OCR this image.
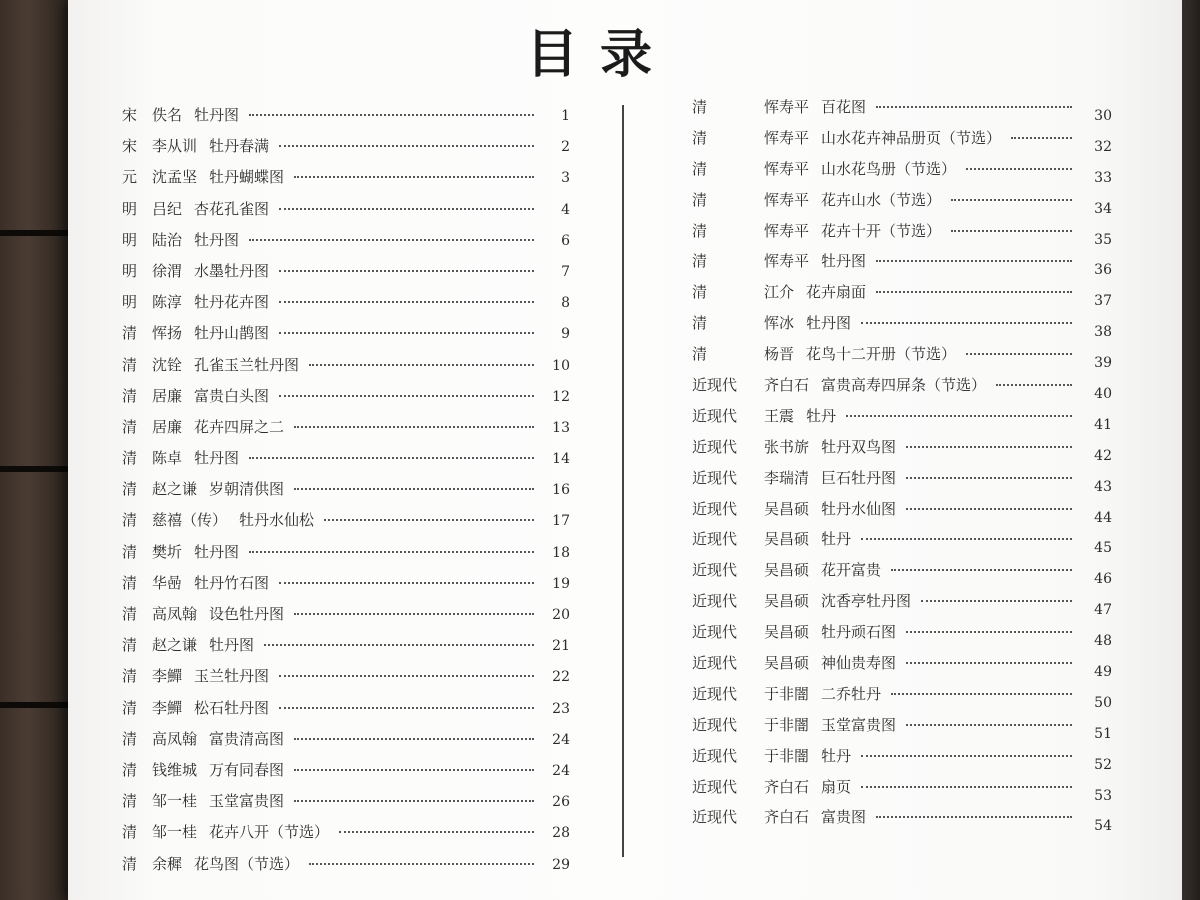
目录
宋 佚名 牡丹图	1
宋 李从训 牡丹春满	2
元 沈孟坚 牡丹蝴蝶图	3
明 吕纪 杏花孔雀图	4
明 陆治 牡丹图	6
明 徐渭 水墨牡丹图	7
明 陈淳 牡丹花卉图	8
清 恽扬 牡丹山鹊图	9
清 沈铨 孔雀玉兰牡丹图	10
清 居廉 富贵白头图	12
清 居廉 花卉四屏之二	13
清 陈卓 牡丹图	14
清 赵之谦 岁朝清供图	16
清 慈禧（传） 牡丹水仙松	17
清 樊圻 牡丹图	18
清 华喦 牡丹竹石图	19
清 高凤翰 设色牡丹图	20
清 赵之谦 牡丹图	21
清 李鱓 玉兰牡丹图	22
清 李鱓 松石牡丹图	23
清 高凤翰 富贵清高图	24
清 钱维城 万有同春图	24
清 邹一桂 玉堂富贵图	26
清 邹一桂 花卉八开（节选）	28
清 余穉 花鸟图（节选）	29
清	恽寿平 百花图	30
清	恽寿平 山水花卉神品册页（节选）	32
清	恽寿平 山水花鸟册（节选）	33
清	恽寿平 花卉山水（节选）	34
清	恽寿平 花卉十开（节选）	35
清	恽寿平 牡丹图	36
清	江介 花卉扇面	37
清	恽冰 牡丹图	38
清	杨晋 花鸟十二开册（节选）	39
近现代	齐白石 富贵高寿四屏条（节选）	40
近现代	王震 牡丹	41
近现代	张书旂 牡丹双鸟图	42
近现代	李瑞清 巨石牡丹图	43
近现代	吴昌硕 牡丹水仙图	44
近现代	吴昌硕 牡丹	45
近现代	吴昌硕 花开富贵	46
近现代	吴昌硕 沈香亭牡丹图	47
近现代	吴昌硕 牡丹顽石图	48
近现代	吴昌硕 神仙贵寿图	49
近现代	于非闇 二乔牡丹	50
近现代	于非闇 玉堂富贵图	51
近现代	于非闇 牡丹	52
近现代	齐白石 扇页	53
近现代	齐白石 富贵图	54
